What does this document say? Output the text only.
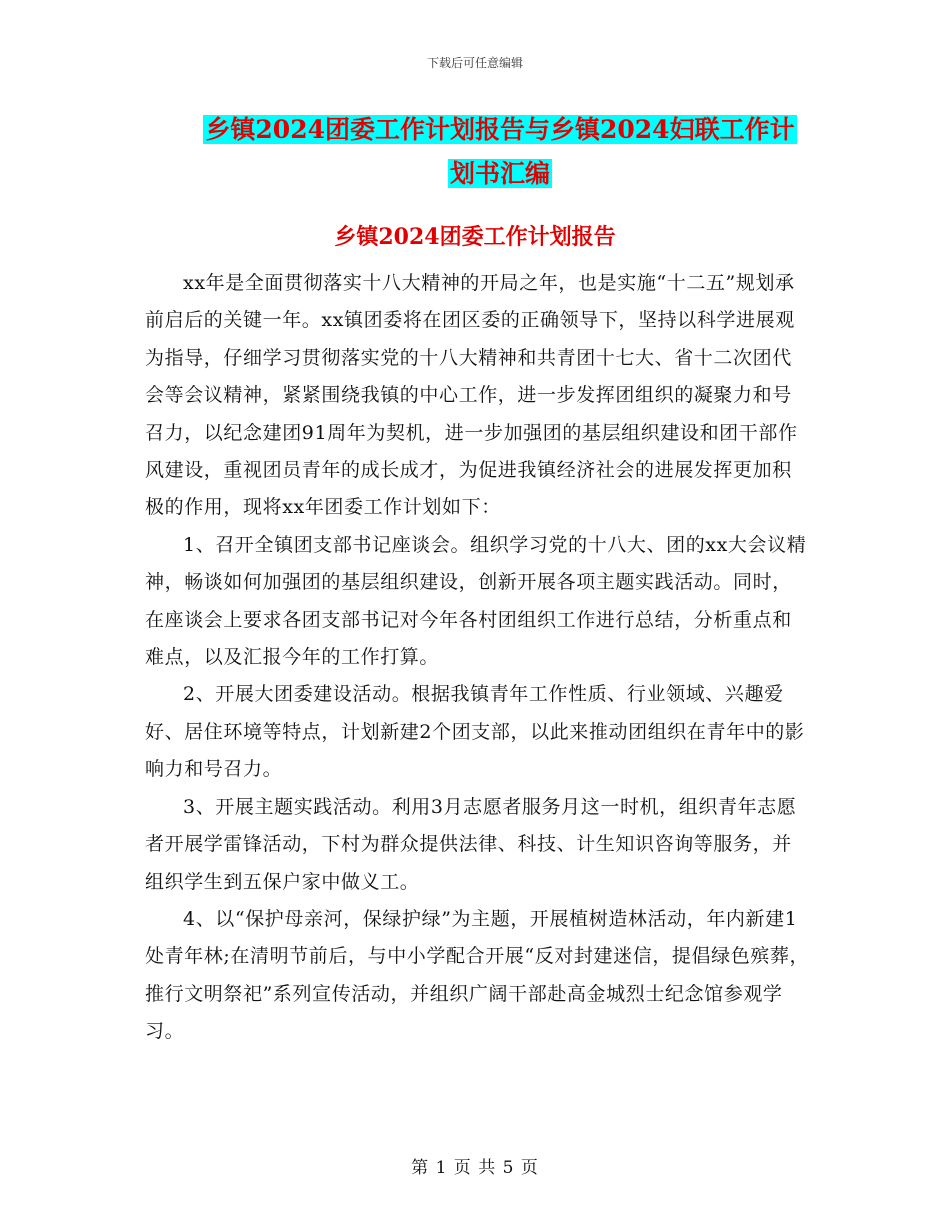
下载后可任意编辑
乡镇2024团委工作计划报告与乡镇2024妇联工作计
划书汇编
乡镇2024团委工作计划报告

xx年是全面贯彻落实十八大精神的开局之年，也是实施“十二五”规划承前启后的关键一年。xx镇团委将在团区委的正确领导下，坚持以科学进展观为指导，仔细学习贯彻落实党的十八大精神和共青团十七大、省十二次团代会等会议精神，紧紧围绕我镇的中心工作，进一步发挥团组织的凝聚力和号召力，以纪念建团91周年为契机，进一步加强团的基层组织建设和团干部作风建设，重视团员青年的成长成才，为促进我镇经济社会的进展发挥更加积极的作用，现将xx年团委工作计划如下：

1、召开全镇团支部书记座谈会。组织学习党的十八大、团的xx大会议精神，畅谈如何加强团的基层组织建设，创新开展各项主题实践活动。同时，在座谈会上要求各团支部书记对今年各村团组织工作进行总结，分析重点和难点，以及汇报今年的工作打算。

2、开展大团委建设活动。根据我镇青年工作性质、行业领域、兴趣爱好、居住环境等特点，计划新建2个团支部，以此来推动团组织在青年中的影响力和号召力。

3、开展主题实践活动。利用3月志愿者服务月这一时机，组织青年志愿者开展学雷锋活动，下村为群众提供法律、科技、计生知识咨询等服务，并组织学生到五保户家中做义工。

4、以“保护母亲河，保绿护绿”为主题，开展植树造林活动，年内新建1处青年林;在清明节前后，与中小学配合开展“反对封建迷信，提倡绿色殡葬，推行文明祭祀”系列宣传活动，并组织广阔干部赴高金城烈士纪念馆参观学习。

第 1 页 共 5 页
